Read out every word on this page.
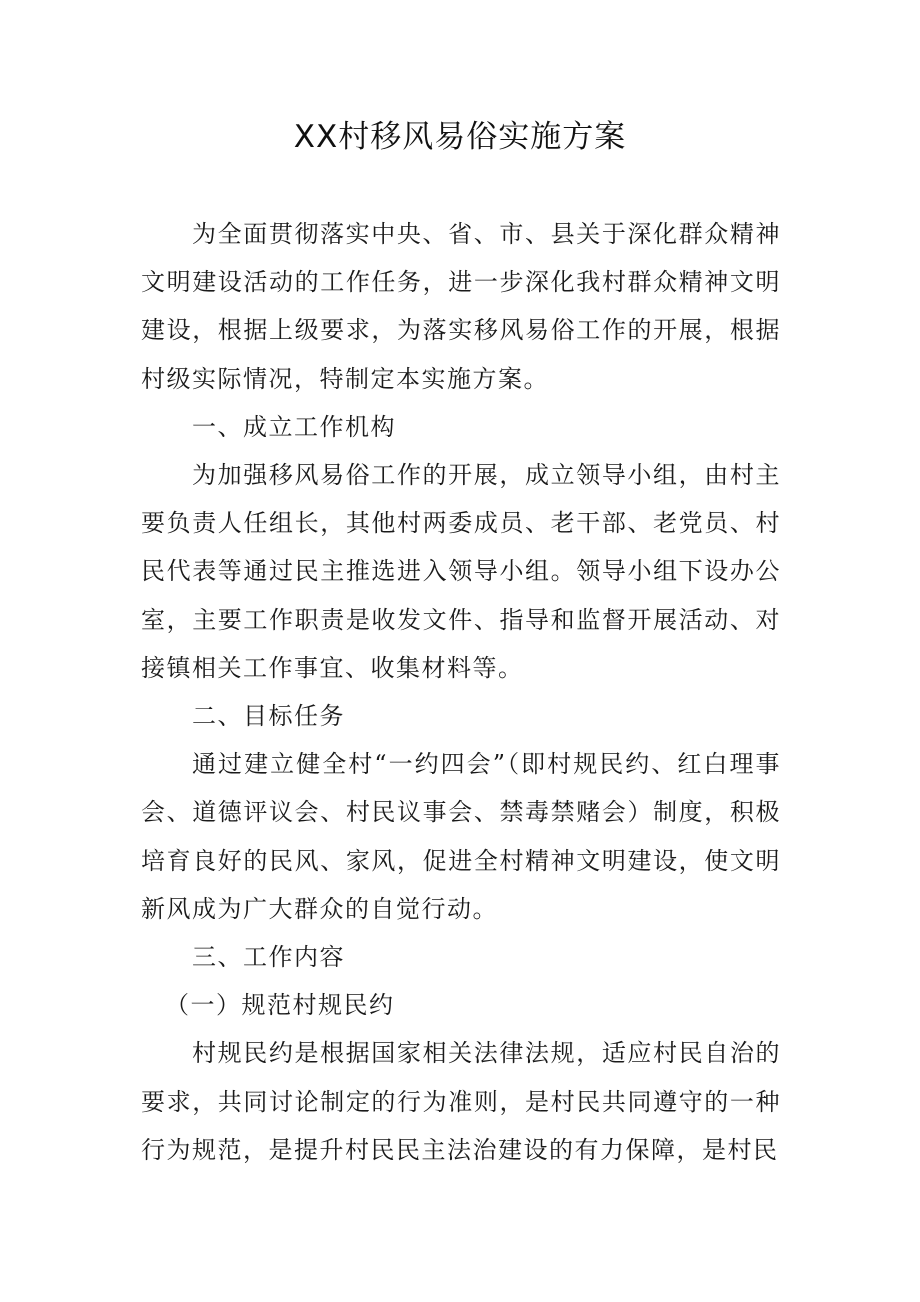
XX村移风易俗实施方案

为全面贯彻落实中央、省、市、县关于深化群众精神文明建设活动的工作任务，进一步深化我村群众精神文明建设，根据上级要求，为落实移风易俗工作的开展，根据村级实际情况，特制定本实施方案。

一、成立工作机构

为加强移风易俗工作的开展，成立领导小组，由村主要负责人任组长，其他村两委成员、老干部、老党员、村民代表等通过民主推选进入领导小组。领导小组下设办公室，主要工作职责是收发文件、指导和监督开展活动、对接镇相关工作事宜、收集材料等。

二、目标任务

通过建立健全村“一约四会”（即村规民约、红白理事会、道德评议会、村民议事会、禁毒禁赌会）制度，积极培育良好的民风、家风，促进全村精神文明建设，使文明新风成为广大群众的自觉行动。

三、工作内容

（一）规范村规民约

村规民约是根据国家相关法律法规，适应村民自治的要求，共同讨论制定的行为准则，是村民共同遵守的一种行为规范，是提升村民民主法治建设的有力保障，是村民
